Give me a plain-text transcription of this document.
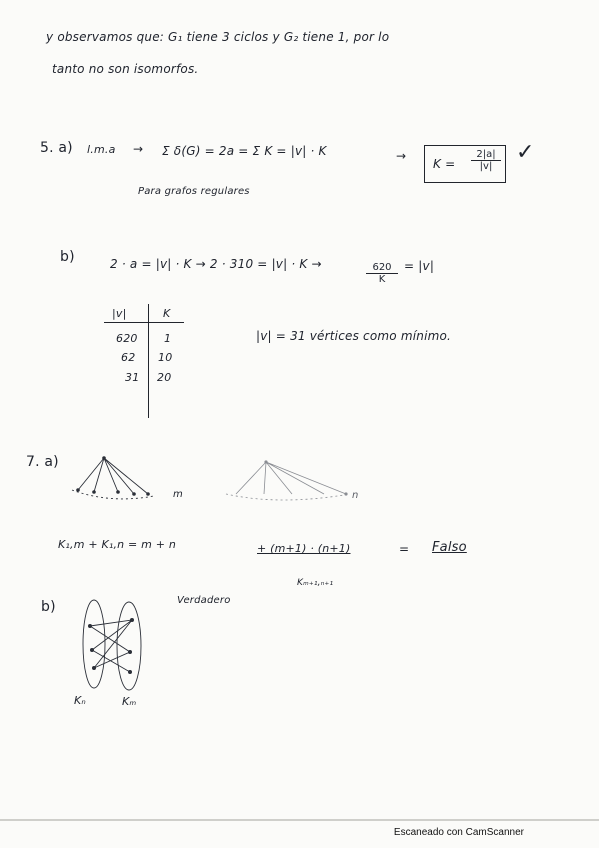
y observamos que: G₁ tiene 3 ciclos y G₂ tiene 1, por lo
tanto no son isomorfos.
5. a) l.m.a → Σ δ(G) = 2a = Σ K = |v| · K	→
$K = \frac{2|a|}{|v|}$ ✓
Para grafos regulares
b)	2 · a = |v| · K → 2 · 310 = |v| · K →	$\frac{620}{K} = |v|$
|v|	K
620 1
62 10
31 20
|v| = 31 vértices como mínimo.
7. a)
m	n
K₁,m + K₁,n = m + n	+ (m+1) · (n+1)	= Falso
Kₘ₊₁,ₙ₊₁
b)	Verdadero
Kₙ	Kₘ
Escaneado con CamScanner
